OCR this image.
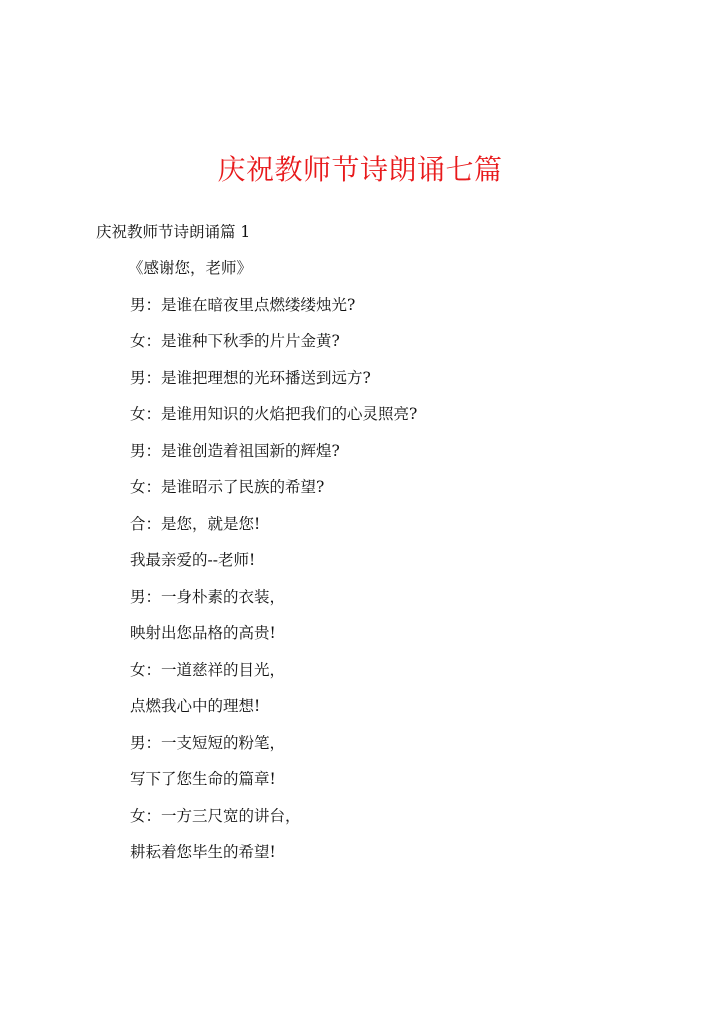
庆祝教师节诗朗诵七篇
庆祝教师节诗朗诵篇 1
《感谢您，老师》
男：是谁在暗夜里点燃缕缕烛光?
女：是谁种下秋季的片片金黄?
男：是谁把理想的光环播送到远方?
女：是谁用知识的火焰把我们的心灵照亮?
男：是谁创造着祖国新的辉煌?
女：是谁昭示了民族的希望?
合：是您，就是您!
我最亲爱的--老师!
男：一身朴素的衣装，
映射出您品格的高贵!
女：一道慈祥的目光，
点燃我心中的理想!
男：一支短短的粉笔，
写下了您生命的篇章!
女：一方三尺宽的讲台，
耕耘着您毕生的希望!
